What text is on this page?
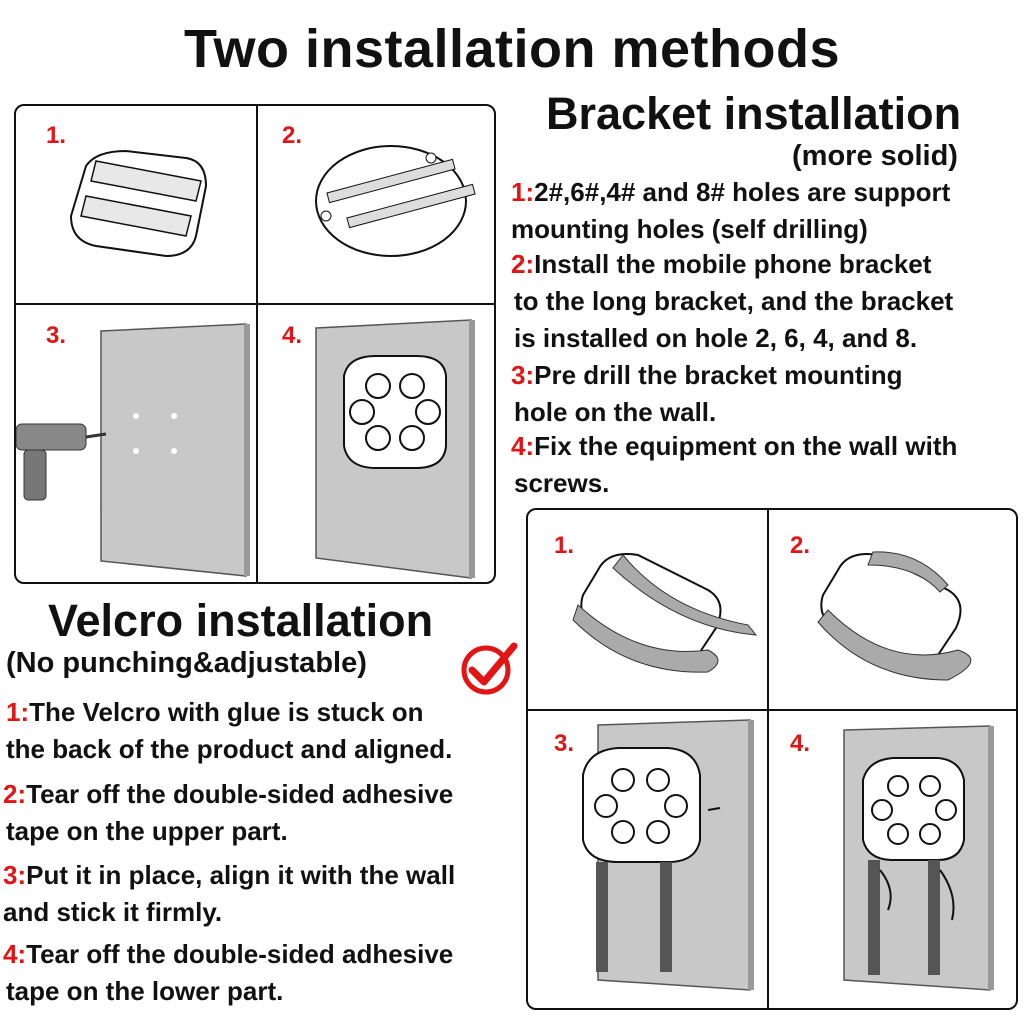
Two installation methods
1.	2.
3.	4.
Bracket installation
(more solid)
1:2#,6#,4# and 8# holes are support
mounting holes (self drilling)
2:Install the mobile phone bracket
to the long bracket, and the bracket
is installed on hole 2, 6, 4, and 8.
3:Pre drill the bracket mounting
hole on the wall.
4:Fix the equipment on the wall with
screws.
Velcro installation
(No punching&adjustable)
1:The Velcro with glue is stuck on
the back of the product and aligned.
2:Tear off the double-sided adhesive
tape on the upper part.
3:Put it in place, align it with the wall
and stick it firmly.
4:Tear off the double-sided adhesive
tape on the lower part.
1.	2.
3.	4.
